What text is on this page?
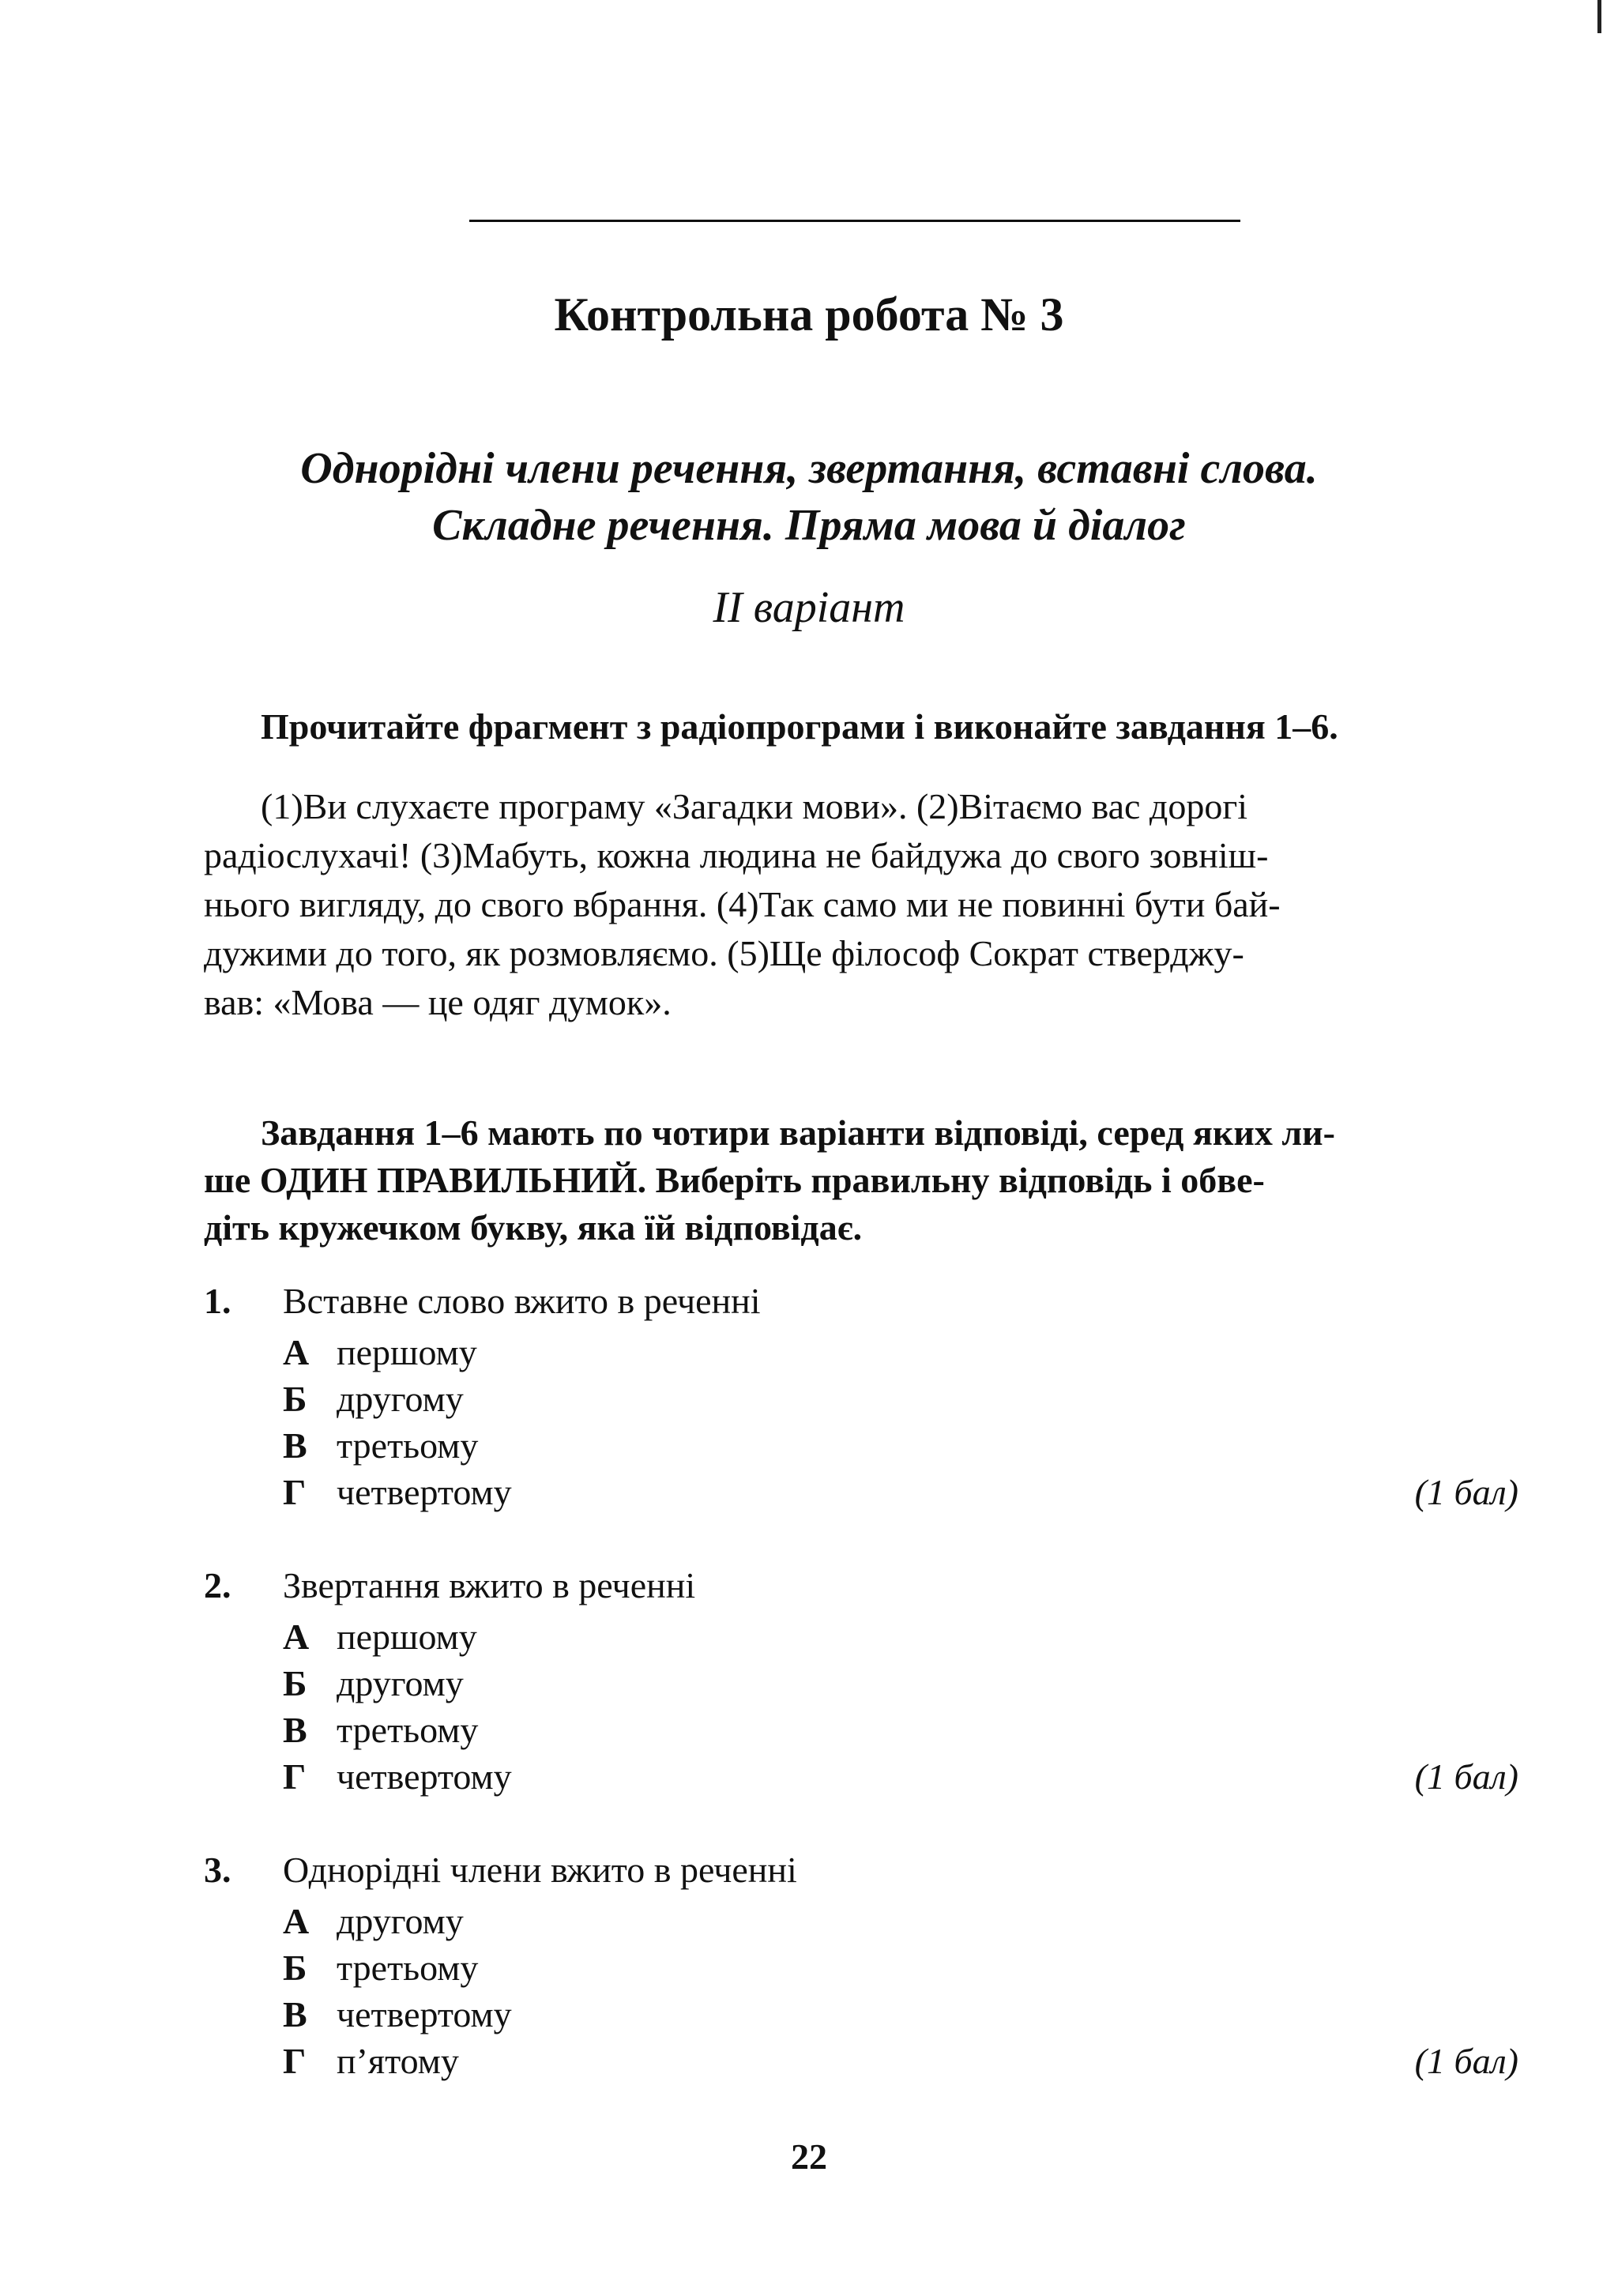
Контрольна робота № 3
Однорідні члени речення, звертання, вставні слова.
Складне речення. Пряма мова й діалог
II варіант
Прочитайте фрагмент з радіопрограми і виконайте завдання 1–6.
(1)Ви слухаєте програму «Загадки мови». (2)Вітаємо вас дорогі
радіослухачі! (3)Мабуть, кожна людина не байдужа до свого зовніш-
нього вигляду, до свого вбрання. (4)Так само ми не повинні бути бай-
дужими до того, як розмовляємо. (5)Ще філософ Сократ стверджу-
вав: «Мова — це одяг думок».
Завдання 1–6 мають по чотири варіанти відповіді, серед яких ли-
ше ОДИН ПРАВИЛЬНИЙ. Виберіть правильну відповідь і обве-
діть кружечком букву, яка їй відповідає.
1. Вставне слово вжито в реченні
А першому
Б другому
В третьому
Г четвертому	(1 бал)
2. Звертання вжито в реченні
А першому
Б другому
В третьому
Г четвертому	(1 бал)
3. Однорідні члени вжито в реченні
А другому
Б третьому
В четвертому
Г п’ятому	(1 бал)
22
